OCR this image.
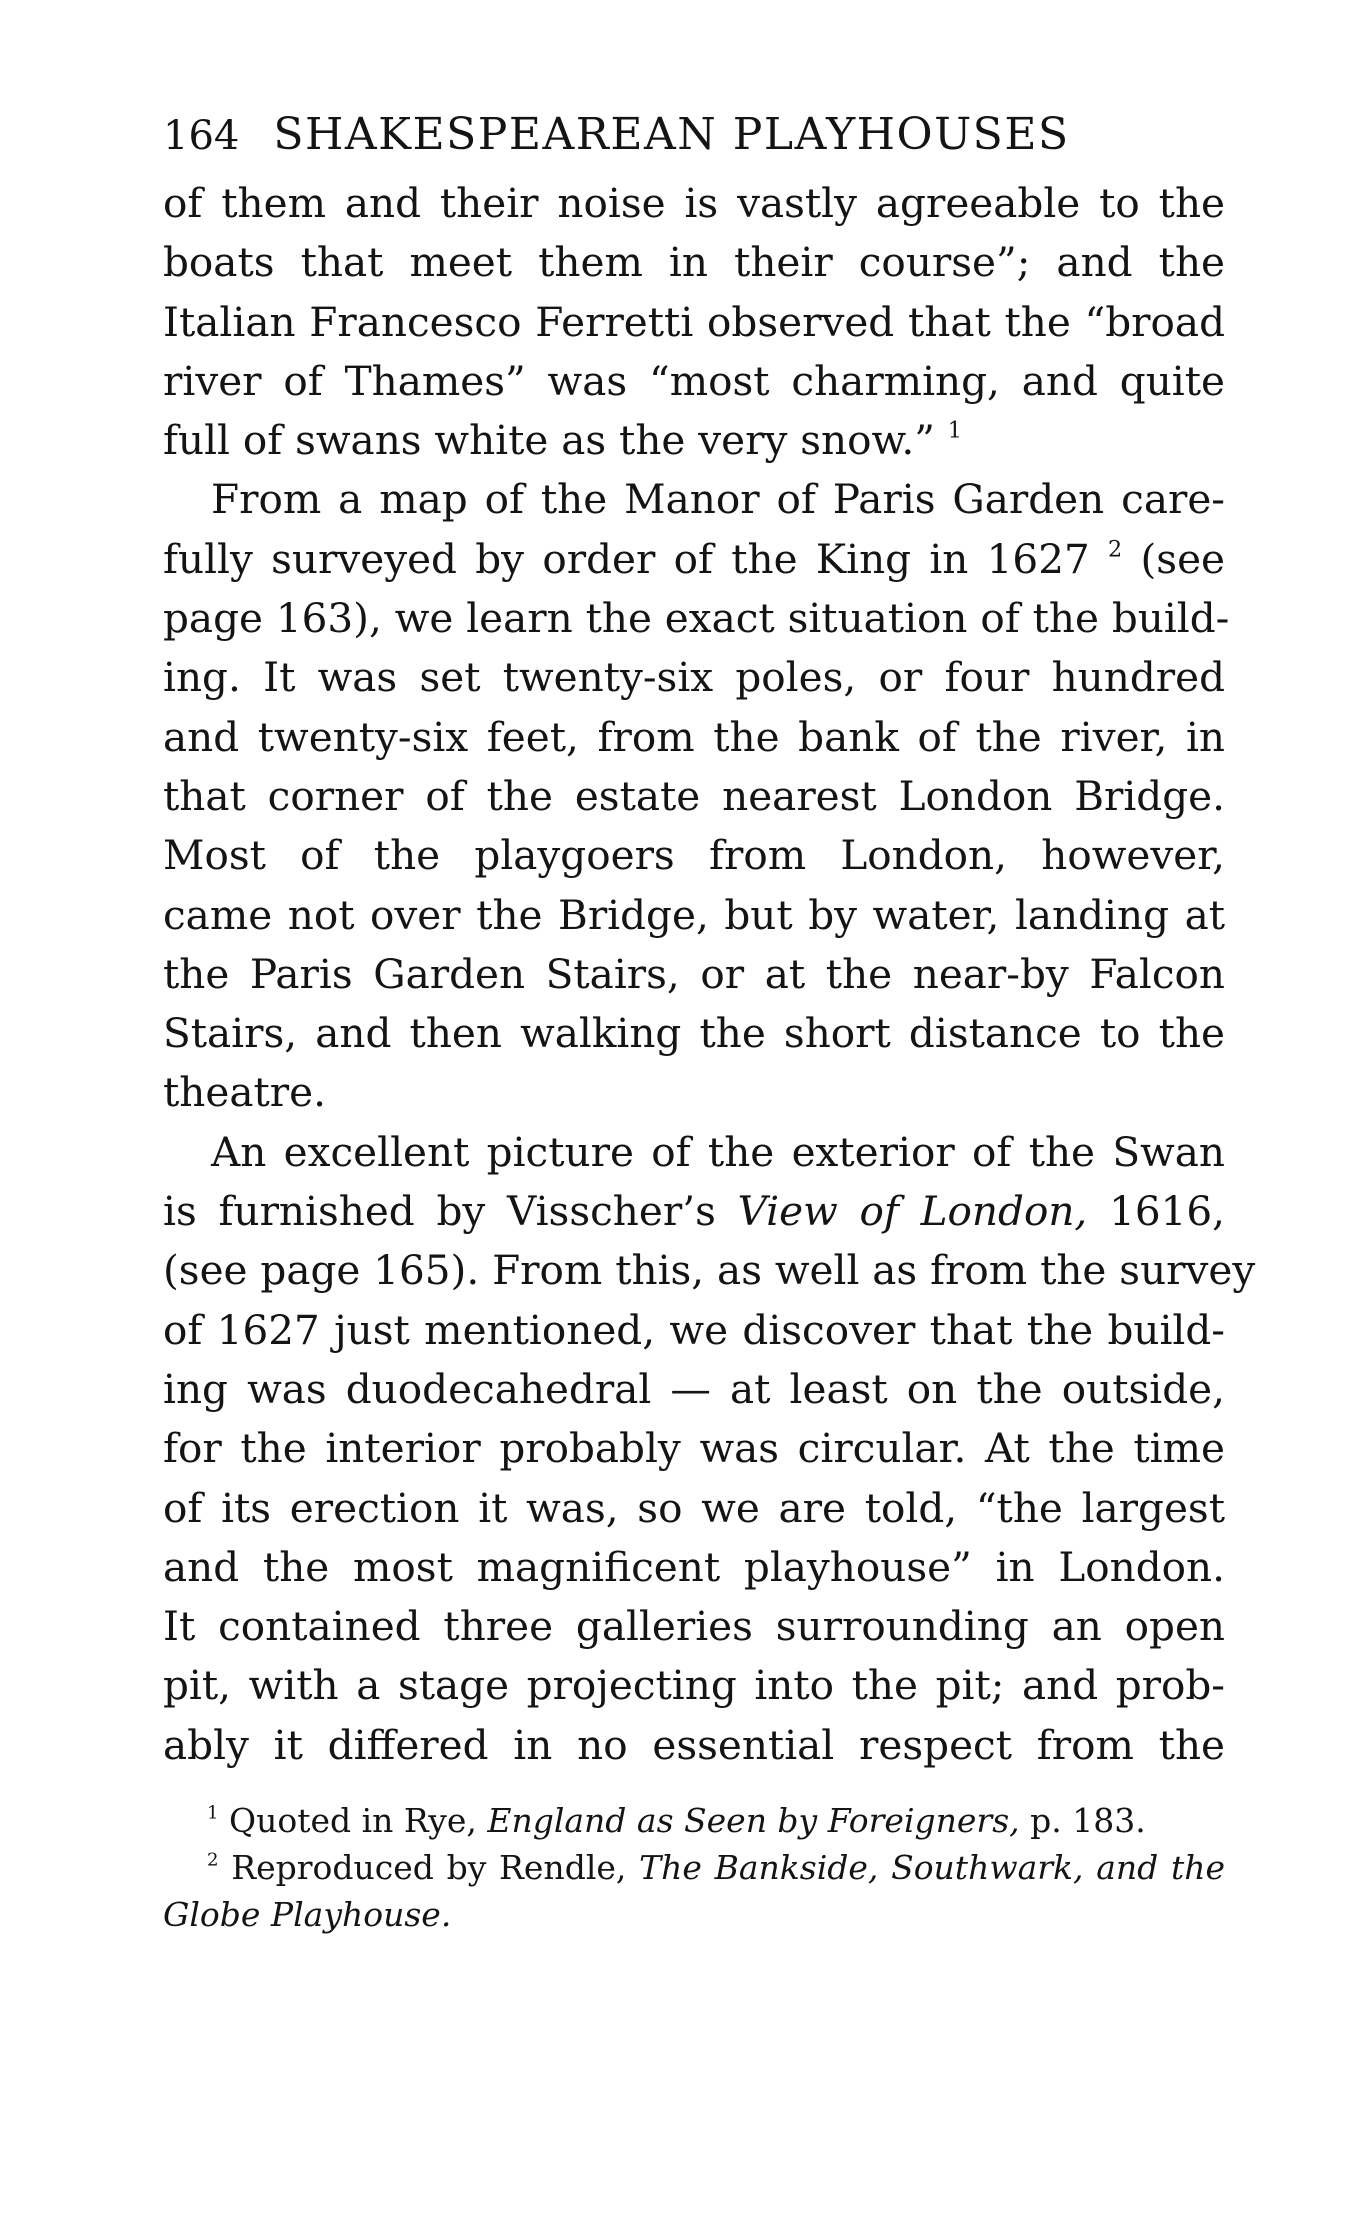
164 SHAKESPEAREAN PLAYHOUSES
of them and their noise is vastly agreeable to the
boats that meet them in their course”; and the
Italian Francesco Ferretti observed that the “broad
river of Thames” was “most charming, and quite
full of swans white as the very snow.” $^1$
From a map of the Manor of Paris Garden care-
fully surveyed by order of the King in 1627 $^2$ (see
page 163), we learn the exact situation of the build-
ing. It was set twenty-six poles, or four hundred
and twenty-six feet, from the bank of the river, in
that corner of the estate nearest London Bridge.
Most of the playgoers from London, however,
came not over the Bridge, but by water, landing at
the Paris Garden Stairs, or at the near-by Falcon
Stairs, and then walking the short distance to the
theatre.
An excellent picture of the exterior of the Swan
is furnished by Visscher’s View of London, 1616,
(see page 165). From this, as well as from the survey
of 1627 just mentioned, we discover that the build-
ing was duodecahedral — at least on the outside,
for the interior probably was circular. At the time
of its erection it was, so we are told, “the largest
and the most magnificent playhouse” in London.
It contained three galleries surrounding an open
pit, with a stage projecting into the pit; and prob-
ably it differed in no essential respect from the
$^1$ Quoted in Rye, England as Seen by Foreigners, p. 183.
$^2$ Reproduced by Rendle, The Bankside, Southwark, and the
Globe Playhouse.
